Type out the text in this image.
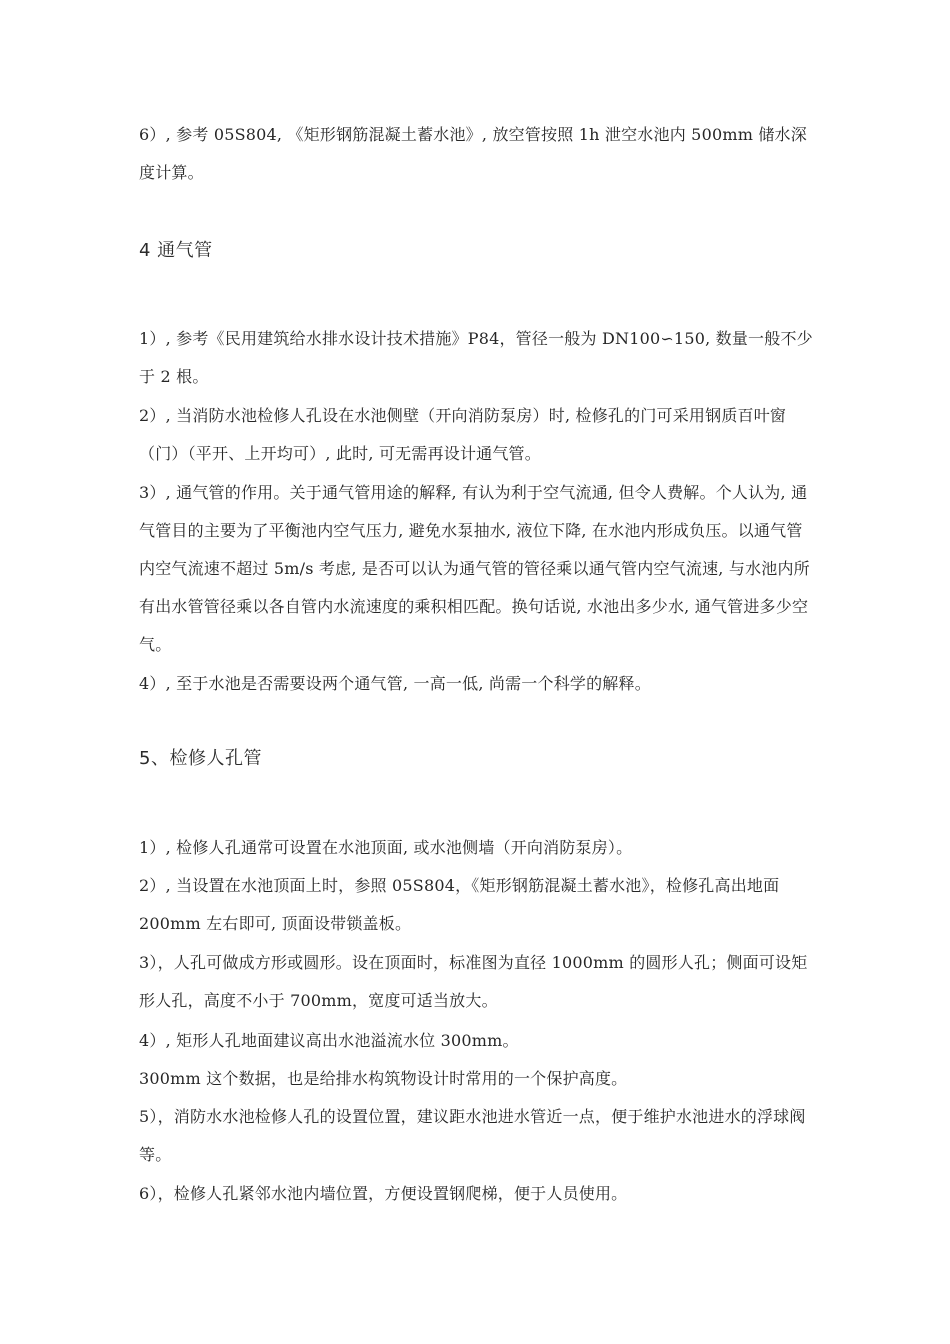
6）, 参考 05S804, 《矩形钢筋混凝土蓄水池》, 放空管按照 1h 泄空水池内 500mm 储水深度计算。

4 通气管

1）, 参考《民用建筑给水排水设计技术措施》P84，管径一般为 DN100∽150, 数量一般不少于 2 根。

2）, 当消防水池检修人孔设在水池侧壁（开向消防泵房）时, 检修孔的门可采用钢质百叶窗（门）（平开、上开均可）, 此时, 可无需再设计通气管。

3）, 通气管的作用。关于通气管用途的解释, 有认为利于空气流通, 但令人费解。个人认为, 通气管目的主要为了平衡池内空气压力, 避免水泵抽水, 液位下降, 在水池内形成负压。以通气管内空气流速不超过 5m/s 考虑, 是否可以认为通气管的管径乘以通气管内空气流速, 与水池内所有出水管管径乘以各自管内水流速度的乘积相匹配。换句话说, 水池出多少水, 通气管进多少空气。

4）, 至于水池是否需要设两个通气管, 一高一低, 尚需一个科学的解释。

5、检修人孔管

1）, 检修人孔通常可设置在水池顶面, 或水池侧墙（开向消防泵房）。

2）, 当设置在水池顶面上时，参照 05S804，《矩形钢筋混凝土蓄水池》，检修孔高出地面 200mm 左右即可, 顶面设带锁盖板。

3），人孔可做成方形或圆形。设在顶面时，标准图为直径 1000mm 的圆形人孔；侧面可设矩形人孔，高度不小于 700mm，宽度可适当放大。

4）, 矩形人孔地面建议高出水池溢流水位 300mm。

300mm 这个数据，也是给排水构筑物设计时常用的一个保护高度。

5），消防水水池检修人孔的设置位置，建议距水池进水管近一点，便于维护水池进水的浮球阀等。

6），检修人孔紧邻水池内墙位置，方便设置钢爬梯，便于人员使用。
